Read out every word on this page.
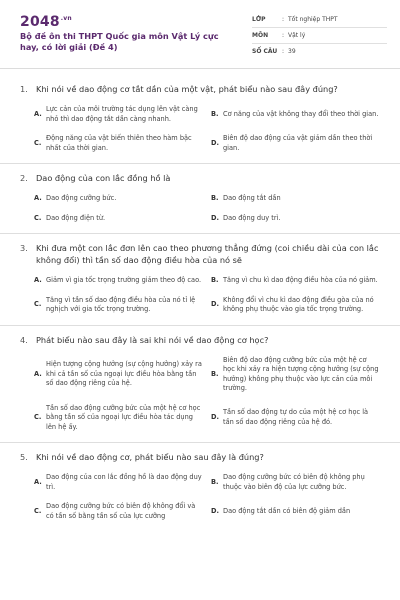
$2048^{.vn}$
Bộ đề ôn thi THPT Quốc gia môn Vật Lý cực hay, có lời giải (Đề 4)
LỚP	: Tốt nghiệp THPT
MÔN	: Vật lý
SỐ CÂU : 39
1. Khi nói về dao động cơ tắt dần của một vật, phát biểu nào sau đây đúng?
A.
Lực cản của môi trường tác dụng lên vật càng nhỏ thì dao động tắt dần càng nhanh.
B. Cơ năng của vật không thay đổi theo thời gian.
C.
Động năng của vật biến thiên theo hàm bậc nhất của thời gian.
D.
Biên độ dao động của vật giảm dần theo thời gian.
2. Dao động của con lắc đồng hồ là
A. Dao động cưỡng bức.	B. Dao động tắt dần
C. Dao động điện từ.	D. Dao động duy trì.
3. Khi đưa một con lắc đơn lên cao theo phương thẳng đứng (coi chiều dài của con lắc không đổi) thì tần số dao động điều hòa của nó sẽ
A. Giảm vì gia tốc trọng trường giảm theo độ cao. B. Tăng vì chu kì dao động điều hòa của nó giảm.
C.
Tăng vì tần số dao động điều hòa của nó tỉ lệ nghịch với gia tốc trọng trường.
D.
Không đổi vì chu kì dao động điều gòa của nó không phụ thuộc vào gia tốc trọng trường.
4. Phát biểu nào sau đây là sai khi nói về dao động cơ học?
A.
Hiện tượng cộng hưởng (sự cộng hưởng) xảy ra khi cả tần số của ngoại lực điều hòa bằng tần số dao động riêng của hệ.
B.
Biên độ dao động cưỡng bức của một hệ cơ học khi xảy ra hiện tượng cộng hưởng (sự cộng hưởng) không phụ thuộc vào lực cản của môi trường.
C.
Tần số dao động cưỡng bức của một hệ cơ học bằng tần số của ngoại lực điều hòa tác dụng lên hệ ấy.
D.
Tần số dao động tự do của một hệ cơ học là tần số dao động riêng của hệ đó.
5. Khi nói về dao động cơ, phát biểu nào sau đây là đúng?
A.
Dao động của con lắc đồng hồ là dao động duy trì.
B.
Dao động cưỡng bức có biên độ không phụ thuộc vào biên độ của lực cưỡng bức.
C.
Dao động cưỡng bức có biên độ không đổi và có tần số bằng tần số của lực cưỡng
D. Dao động tắt dần có biên độ giảm dần
